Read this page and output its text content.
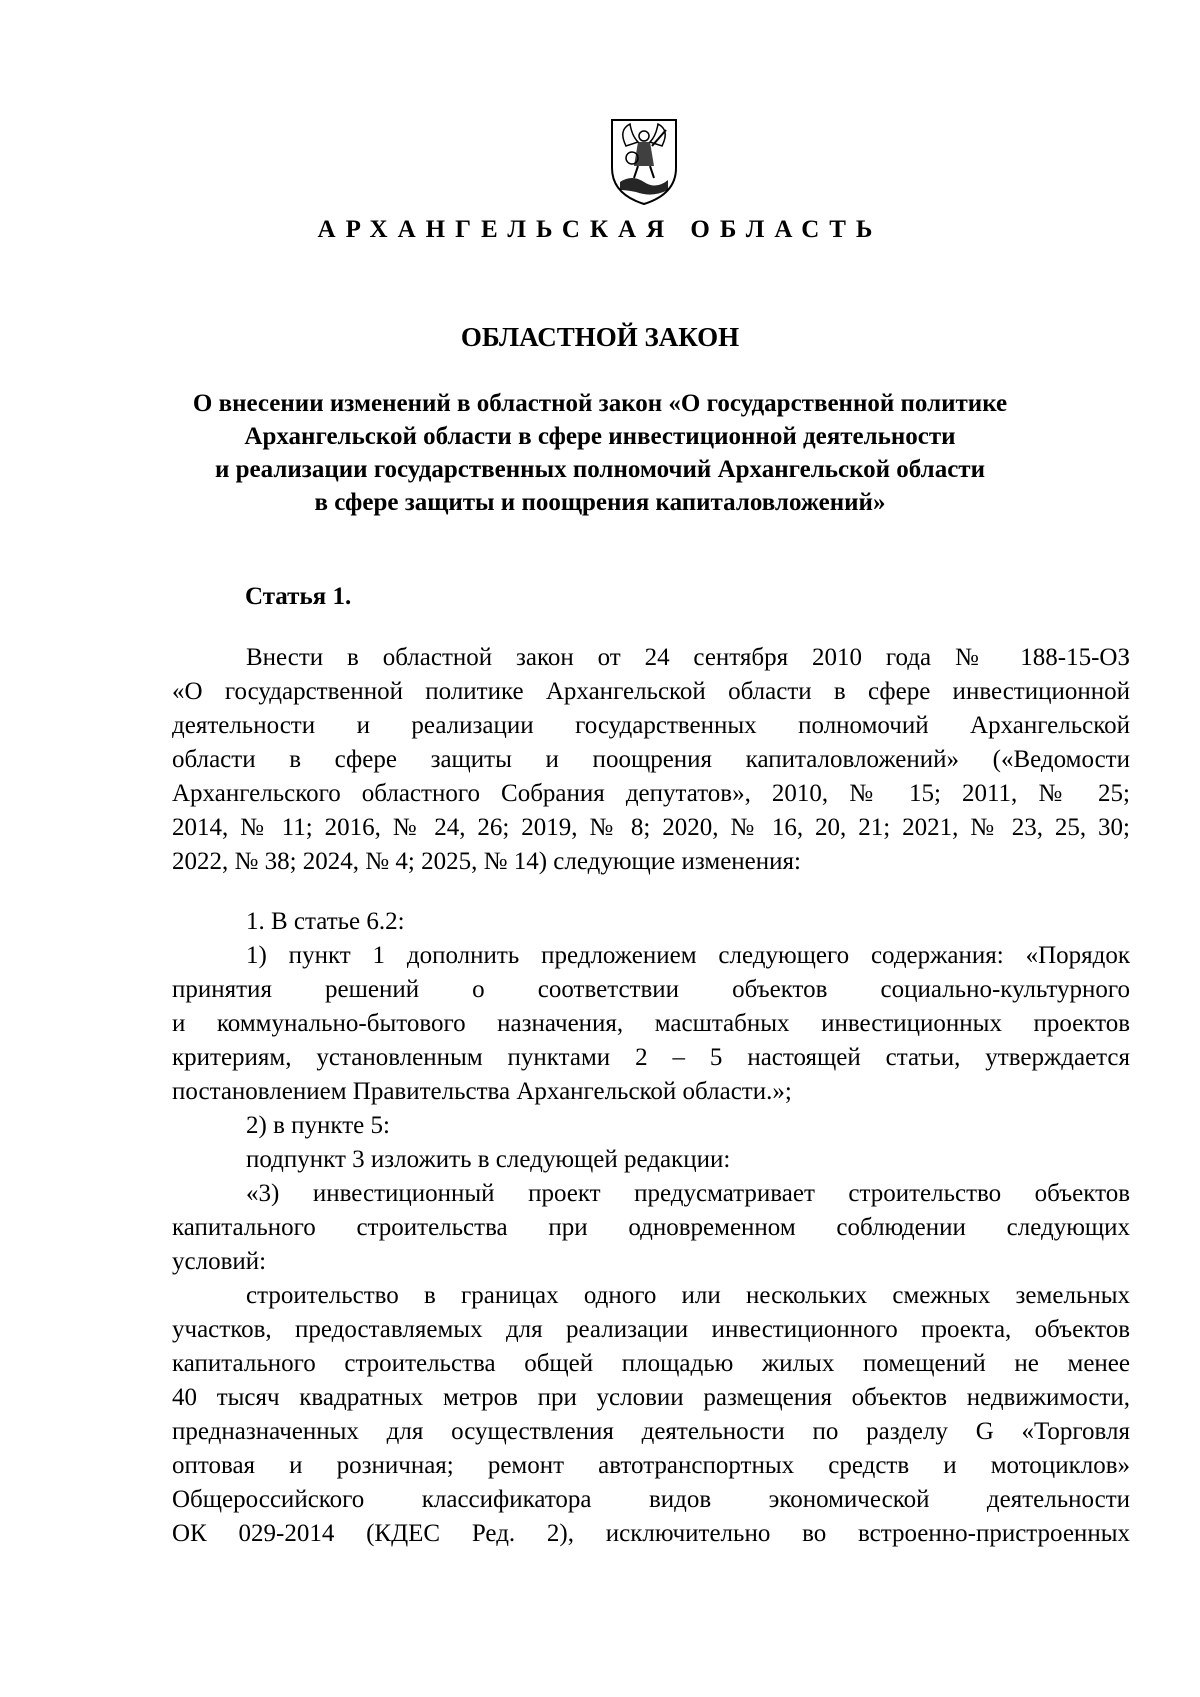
АРХАНГЕЛЬСКАЯ ОБЛАСТЬ
ОБЛАСТНОЙ ЗАКОН
О внесении изменений в областной закон «О государственной политике
Архангельской области в сфере инвестиционной деятельности
и реализации государственных полномочий Архангельской области
в сфере защиты и поощрения капиталовложений»
Статья 1.
Внести в областной закон от 24 сентября 2010 года № 188-15-ОЗ
«О государственной политике Архангельской области в сфере инвестиционной
деятельности и реализации государственных полномочий Архангельской
области в сфере защиты и поощрения капиталовложений» («Ведомости
Архангельского областного Собрания депутатов», 2010, № 15; 2011, № 25;
2014, № 11; 2016, № 24, 26; 2019, № 8; 2020, № 16, 20, 21; 2021, № 23, 25, 30;
2022, № 38; 2024, № 4; 2025, № 14) следующие изменения:
1. В статье 6.2:
1) пункт 1 дополнить предложением следующего содержания: «Порядок
принятия решений о соответствии объектов социально-культурного
и коммунально-бытового назначения, масштабных инвестиционных проектов
критериям, установленным пунктами 2 – 5 настоящей статьи, утверждается
постановлением Правительства Архангельской области.»;
2) в пункте 5:
подпункт 3 изложить в следующей редакции:
«3) инвестиционный проект предусматривает строительство объектов
капитального строительства при одновременном соблюдении следующих
условий:
строительство в границах одного или нескольких смежных земельных
участков, предоставляемых для реализации инвестиционного проекта, объектов
капитального строительства общей площадью жилых помещений не менее
40 тысяч квадратных метров при условии размещения объектов недвижимости,
предназначенных для осуществления деятельности по разделу G «Торговля
оптовая и розничная; ремонт автотранспортных средств и мотоциклов»
Общероссийского классификатора видов экономической деятельности
ОК 029-2014 (КДЕС Ред. 2), исключительно во встроенно-пристроенных
